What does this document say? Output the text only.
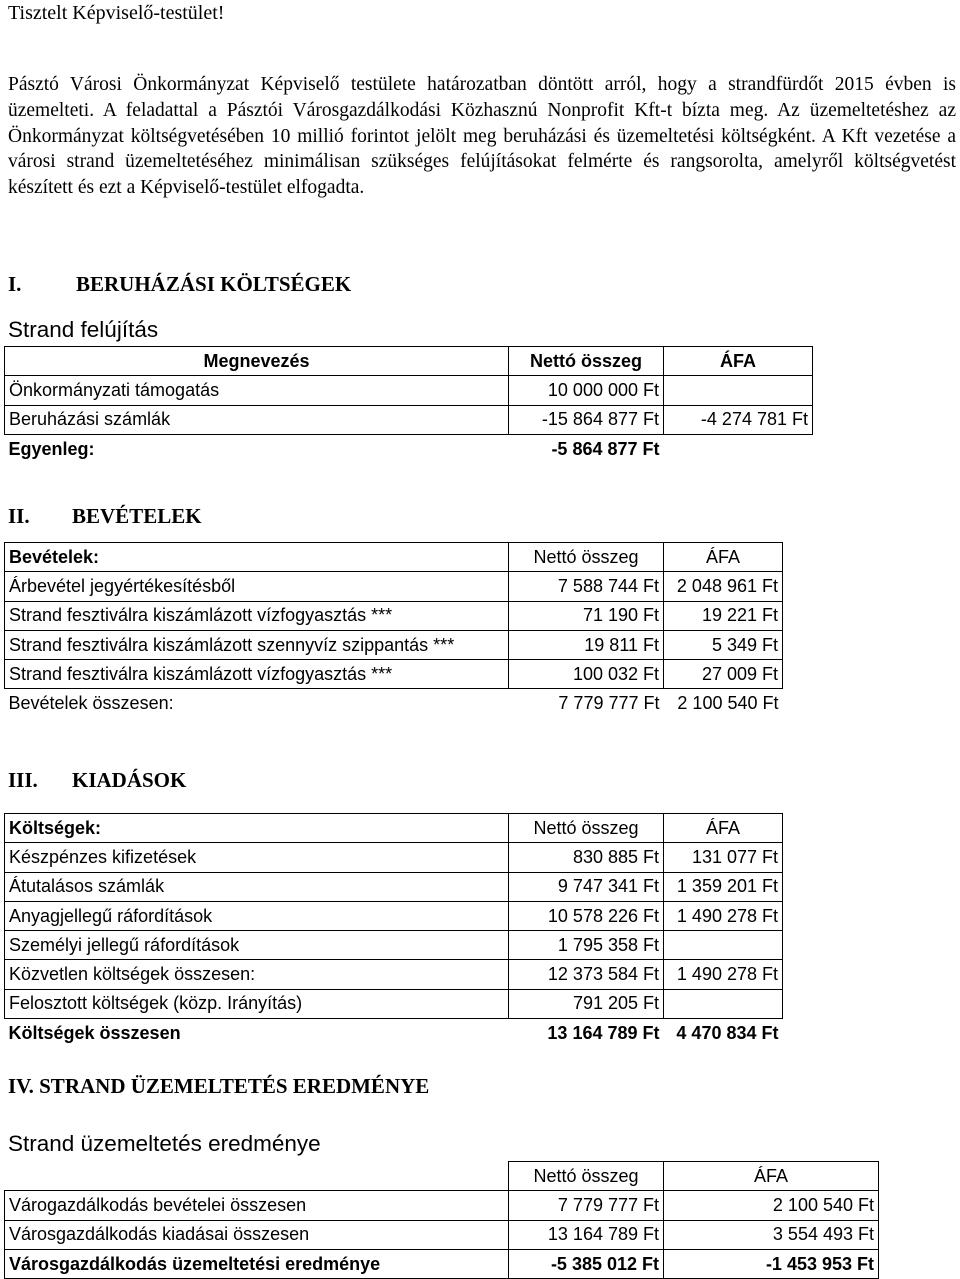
Tisztelt Képviselő-testület!
Pásztó Városi Önkormányzat Képviselő testülete határozatban döntött arról, hogy a strandfürdőt 2015 évben is üzemelteti. A feladattal a Pásztói Városgazdálkodási Közhasznú Nonprofit Kft-t bízta meg. Az üzemeltetéshez az Önkormányzat költségvetésében 10 millió forintot jelölt meg beruházási és üzemeltetési költségként. A Kft vezetése a városi strand üzemeltetéséhez minimálisan szükséges felújításokat felmérte és rangsorolta, amelyről költségvetést készített és ezt a Képviselő-testület elfogadta.
I.	BERUHÁZÁSI KÖLTSÉGEK
Strand felújítás
Megnevezés	Nettó összeg	ÁFA
Önkormányzati támogatás	10 000 000 Ft	
Beruházási számlák	-15 864 877 Ft	-4 274 781 Ft
Egyenleg:	-5 864 877 Ft	
II. BEVÉTELEK
Bevételek:	Nettó összeg	ÁFA
Árbevétel jegyértékesítésből	7 588 744 Ft	2 048 961 Ft
Strand fesztiválra kiszámlázott vízfogyasztás ***	71 190 Ft	19 221 Ft
Strand fesztiválra kiszámlázott szennyvíz szippantás ***	19 811 Ft	5 349 Ft
Strand fesztiválra kiszámlázott vízfogyasztás ***	100 032 Ft	27 009 Ft
Bevételek összesen:	7 779 777 Ft	2 100 540 Ft
III. KIADÁSOK
Költségek:	Nettó összeg	ÁFA
Készpénzes kifizetések	830 885 Ft	131 077 Ft
Átutalásos számlák	9 747 341 Ft	1 359 201 Ft
Anyagjellegű ráfordítások	10 578 226 Ft	1 490 278 Ft
Személyi jellegű ráfordítások	1 795 358 Ft	
Közvetlen költségek összesen:	12 373 584 Ft	1 490 278 Ft
Felosztott költségek (közp. Irányítás)	791 205 Ft	
Költségek összesen	13 164 789 Ft	4 470 834 Ft
IV. STRAND ÜZEMELTETÉS EREDMÉNYE
Strand üzemeltetés eredménye
	Nettó összeg	ÁFA
Várogazdálkodás bevételei összesen	7 779 777 Ft	2 100 540 Ft
Városgazdálkodás kiadásai összesen	13 164 789 Ft	3 554 493 Ft
Városgazdálkodás üzemeltetési eredménye	-5 385 012 Ft	-1 453 953 Ft
